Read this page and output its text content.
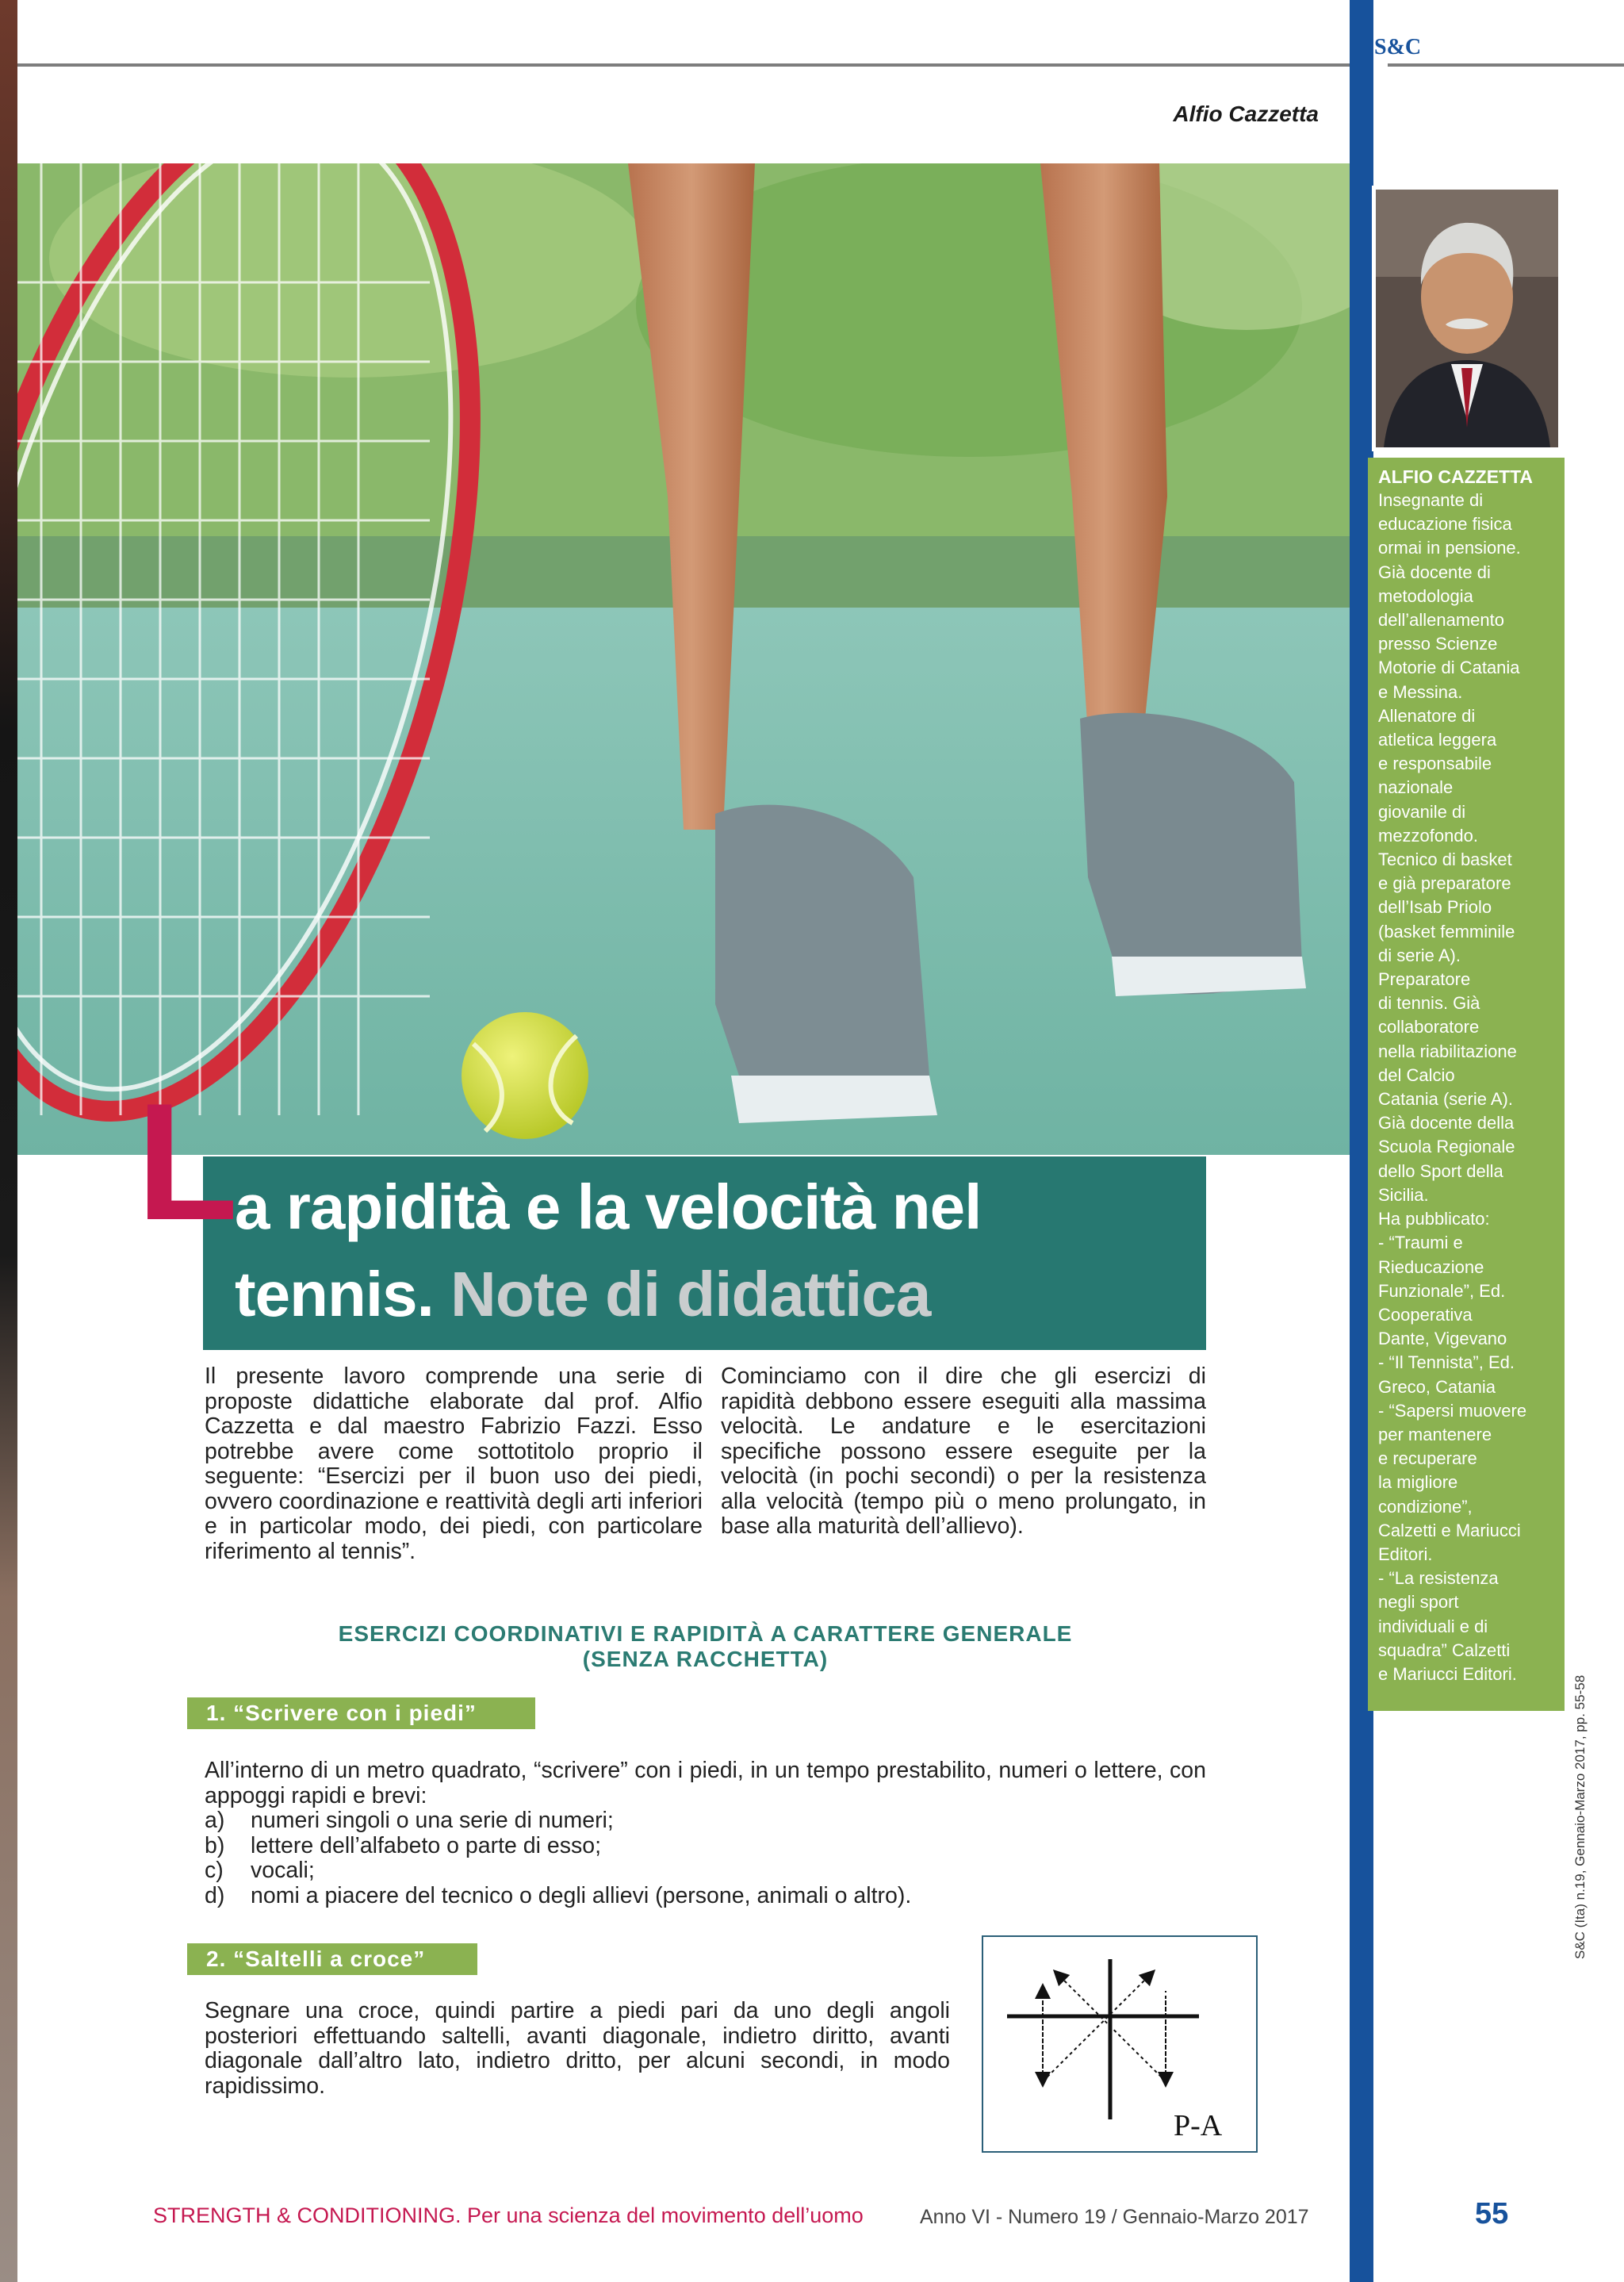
Alfio Cazzetta
S&C
ALFIO CAZZETTA
Insegnante di
educazione fisica
ormai in pensione.
Già docente di
metodologia
dell’allenamento
presso Scienze
Motorie di Catania
e Messina.
Allenatore di
atletica leggera
e responsabile
nazionale
giovanile di
mezzofondo.
Tecnico di basket
e già preparatore
dell’Isab Priolo
(basket femminile
di serie A).
Preparatore
di tennis. Già
collaboratore
nella riabilitazione
del Calcio
Catania (serie A).
Già docente della
Scuola Regionale
dello Sport della
Sicilia.
Ha pubblicato:
- “Traumi e
Rieducazione
Funzionale”, Ed.
Cooperativa
Dante, Vigevano
- “Il Tennista”, Ed.
Greco, Catania
- “Sapersi muovere
per mantenere
e recuperare
la migliore
condizione”,
Calzetti e Mariucci
Editori.
- “La resistenza
negli sport
individuali e di
squadra” Calzetti
e Mariucci Editori.
S&C (Ita) n.19, Gennaio-Marzo 2017, pp. 55-58
L a rapidità e la velocità nel
tennis. Note di didattica
Il presente lavoro comprende una serie di proposte didattiche elaborate dal prof. Alfio Cazzetta e dal maestro Fabrizio Fazzi. Esso potrebbe avere come sottotitolo proprio il seguente: “Esercizi per il buon uso dei piedi, ovvero coordinazione e reattività degli arti inferiori e in particolar modo, dei piedi, con particolare riferimento al tennis”.
Cominciamo con il dire che gli esercizi di rapidità debbono essere eseguiti alla massima velocità. Le andature e le esercitazioni specifiche possono essere eseguite per la velocità (in pochi secondi) o per la resistenza alla velocità (tempo più o meno prolungato, in base alla maturità dell’allievo).
ESERCIZI COORDINATIVI E RAPIDITÀ A CARATTERE GENERALE
(SENZA RACCHETTA)
1. “Scrivere con i piedi”
All’interno di un metro quadrato, “scrivere” con i piedi, in un tempo prestabilito, numeri o lettere, con appoggi rapidi e brevi:
a)	numeri singoli o una serie di numeri;
b)	lettere dell’alfabeto o parte di esso;
c)	vocali;
d)	nomi a piacere del tecnico o degli allievi (persone, animali o altro).
2. “Saltelli a croce”
Segnare una croce, quindi partire a piedi pari da uno degli angoli posteriori effettuando saltelli, avanti diagonale, indietro diritto, avanti diagonale dall’altro lato, indietro dritto, per alcuni secondi, in modo rapidissimo.
P-A
STRENGTH & CONDITIONING. Per una scienza del movimento dell’uomo	Anno VI - Numero 19 / Gennaio-Marzo 2017	55
